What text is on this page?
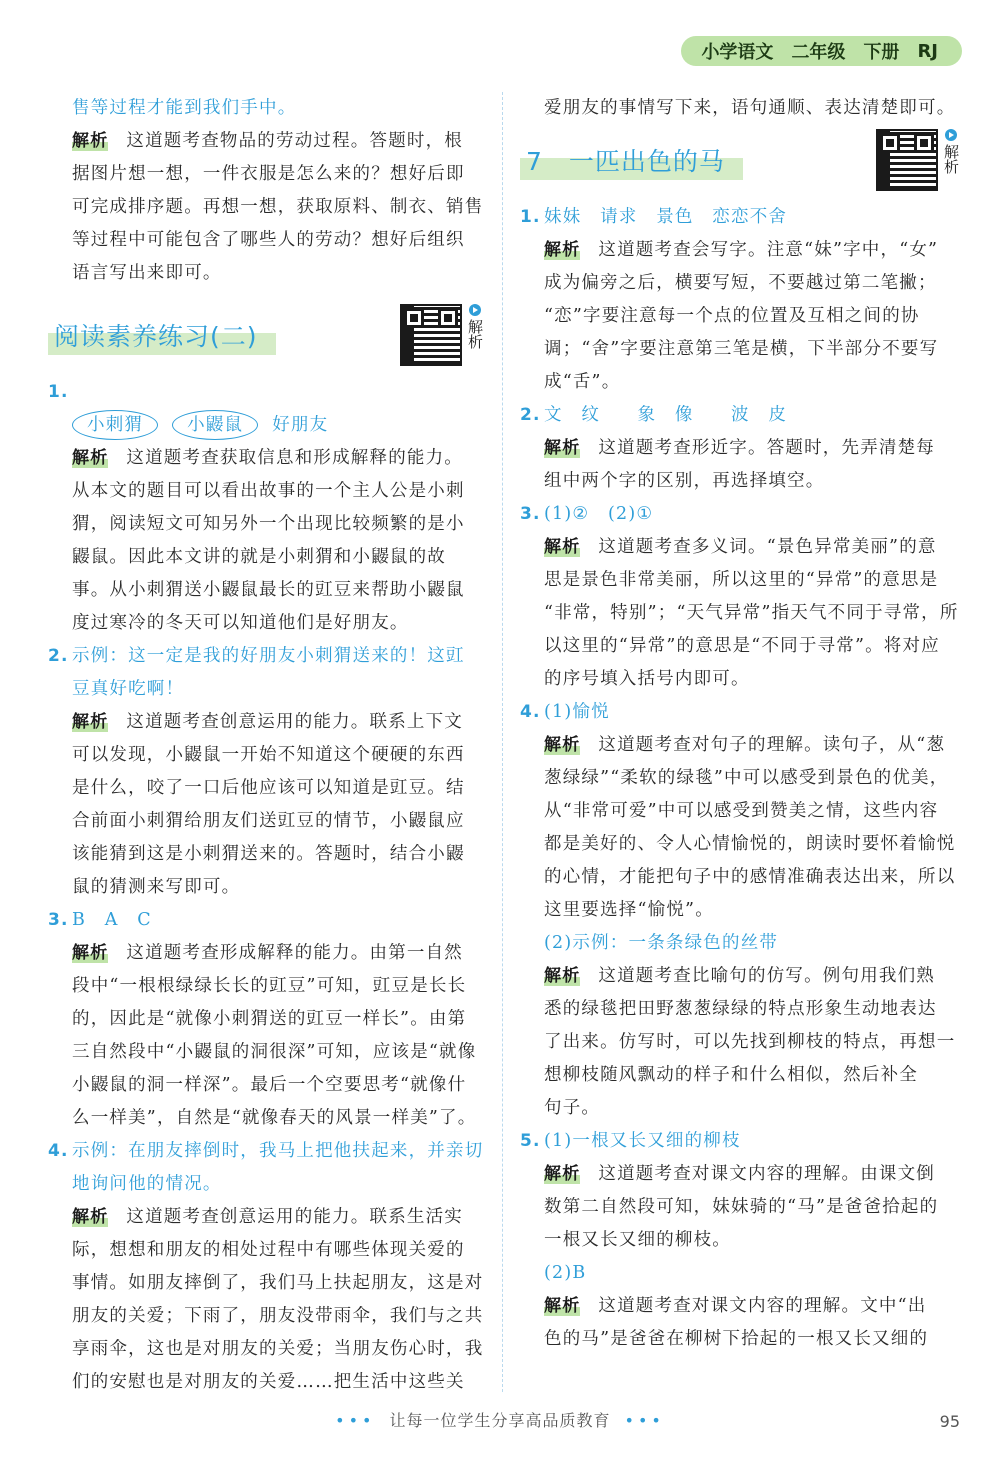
小学语文 二年级 下册 RJ

售等过程才能到我们手中。

解析 这道题考查物品的劳动过程。答题时，根
据图片想一想，一件衣服是怎么来的？想好后即
可完成排序题。再想一想，获取原料、制衣、销售
等过程中可能包含了哪些人的劳动？想好后组织
语言写出来即可。
阅读素养练习(二)	解析
1.

小刺猬	小鼹鼠 好朋友

解析 这道题考查获取信息和形成解释的能力。
从本文的题目可以看出故事的一个主人公是小刺
猬，阅读短文可知另外一个出现比较频繁的是小
鼹鼠。因此本文讲的就是小刺猬和小鼹鼠的故
事。从小刺猬送小鼹鼠最长的豇豆来帮助小鼹鼠
度过寒冷的冬天可以知道他们是好朋友。
2. 示例：这一定是我的好朋友小刺猬送来的！这豇
豆真好吃啊！
解析 这道题考查创意运用的能力。联系上下文
可以发现，小鼹鼠一开始不知道这个硬硬的东西
是什么，咬了一口后他应该可以知道是豇豆。结
合前面小刺猬给朋友们送豇豆的情节，小鼹鼠应
该能猜到这是小刺猬送来的。答题时，结合小鼹
鼠的猜测来写即可。
3. B　A　C
解析 这道题考查形成解释的能力。由第一自然
段中“一根根绿绿长长的豇豆”可知，豇豆是长长
的，因此是“就像小刺猬送的豇豆一样长”。由第
三自然段中“小鼹鼠的洞很深”可知，应该是“就像
小鼹鼠的洞一样深”。最后一个空要思考“就像什
么一样美”，自然是“就像春天的风景一样美”了。
4. 示例：在朋友摔倒时，我马上把他扶起来，并亲切
地询问他的情况。
解析 这道题考查创意运用的能力。联系生活实
际，想想和朋友的相处过程中有哪些体现关爱的
事情。如朋友摔倒了，我们马上扶起朋友，这是对
朋友的关爱；下雨了，朋友没带雨伞，我们与之共
享雨伞，这也是对朋友的关爱；当朋友伤心时，我
们的安慰也是对朋友的关爱……把生活中这些关

爱朋友的事情写下来，语句通顺、表达清楚即可。

7　一匹出色的马	解析
1. 妹妹　请求　景色　恋恋不舍
解析 这道题考查会写字。注意“妹”字中，“女”
成为偏旁之后，横要写短，不要越过第二笔撇；
“恋”字要注意每一个点的位置及互相之间的协
调；“舍”字要注意第三笔是横，下半部分不要写
成“舌”。
2. 文　纹　　象　像　　波　皮
解析 这道题考查形近字。答题时，先弄清楚每
组中两个字的区别，再选择填空。
3. (1)②　(2)①
解析 这道题考查多义词。“景色异常美丽”的意
思是景色非常美丽，所以这里的“异常”的意思是
“非常，特别”；“天气异常”指天气不同于寻常，所
以这里的“异常”的意思是“不同于寻常”。将对应
的序号填入括号内即可。
4. (1)愉悦
解析 这道题考查对句子的理解。读句子，从“葱
葱绿绿”“柔软的绿毯”中可以感受到景色的优美，
从“非常可爱”中可以感受到赞美之情，这些内容
都是美好的、令人心情愉悦的，朗读时要怀着愉悦
的心情，才能把句子中的感情准确表达出来，所以
这里要选择“愉悦”。

(2)示例：一条条绿色的丝带

解析 这道题考查比喻句的仿写。例句用我们熟
悉的绿毯把田野葱葱绿绿的特点形象生动地表达
了出来。仿写时，可以先找到柳枝的特点，再想一
想柳枝随风飘动的样子和什么相似，然后补全
句子。
5. (1)一根又长又细的柳枝
解析 这道题考查对课文内容的理解。由课文倒
数第二自然段可知，妹妹骑的“马”是爸爸拾起的
一根又长又细的柳枝。

(2)B

解析 这道题考查对课文内容的理解。文中“出
色的马”是爸爸在柳树下拾起的一根又长又细的
••• 让每一位学生分享高品质教育 •••	95
